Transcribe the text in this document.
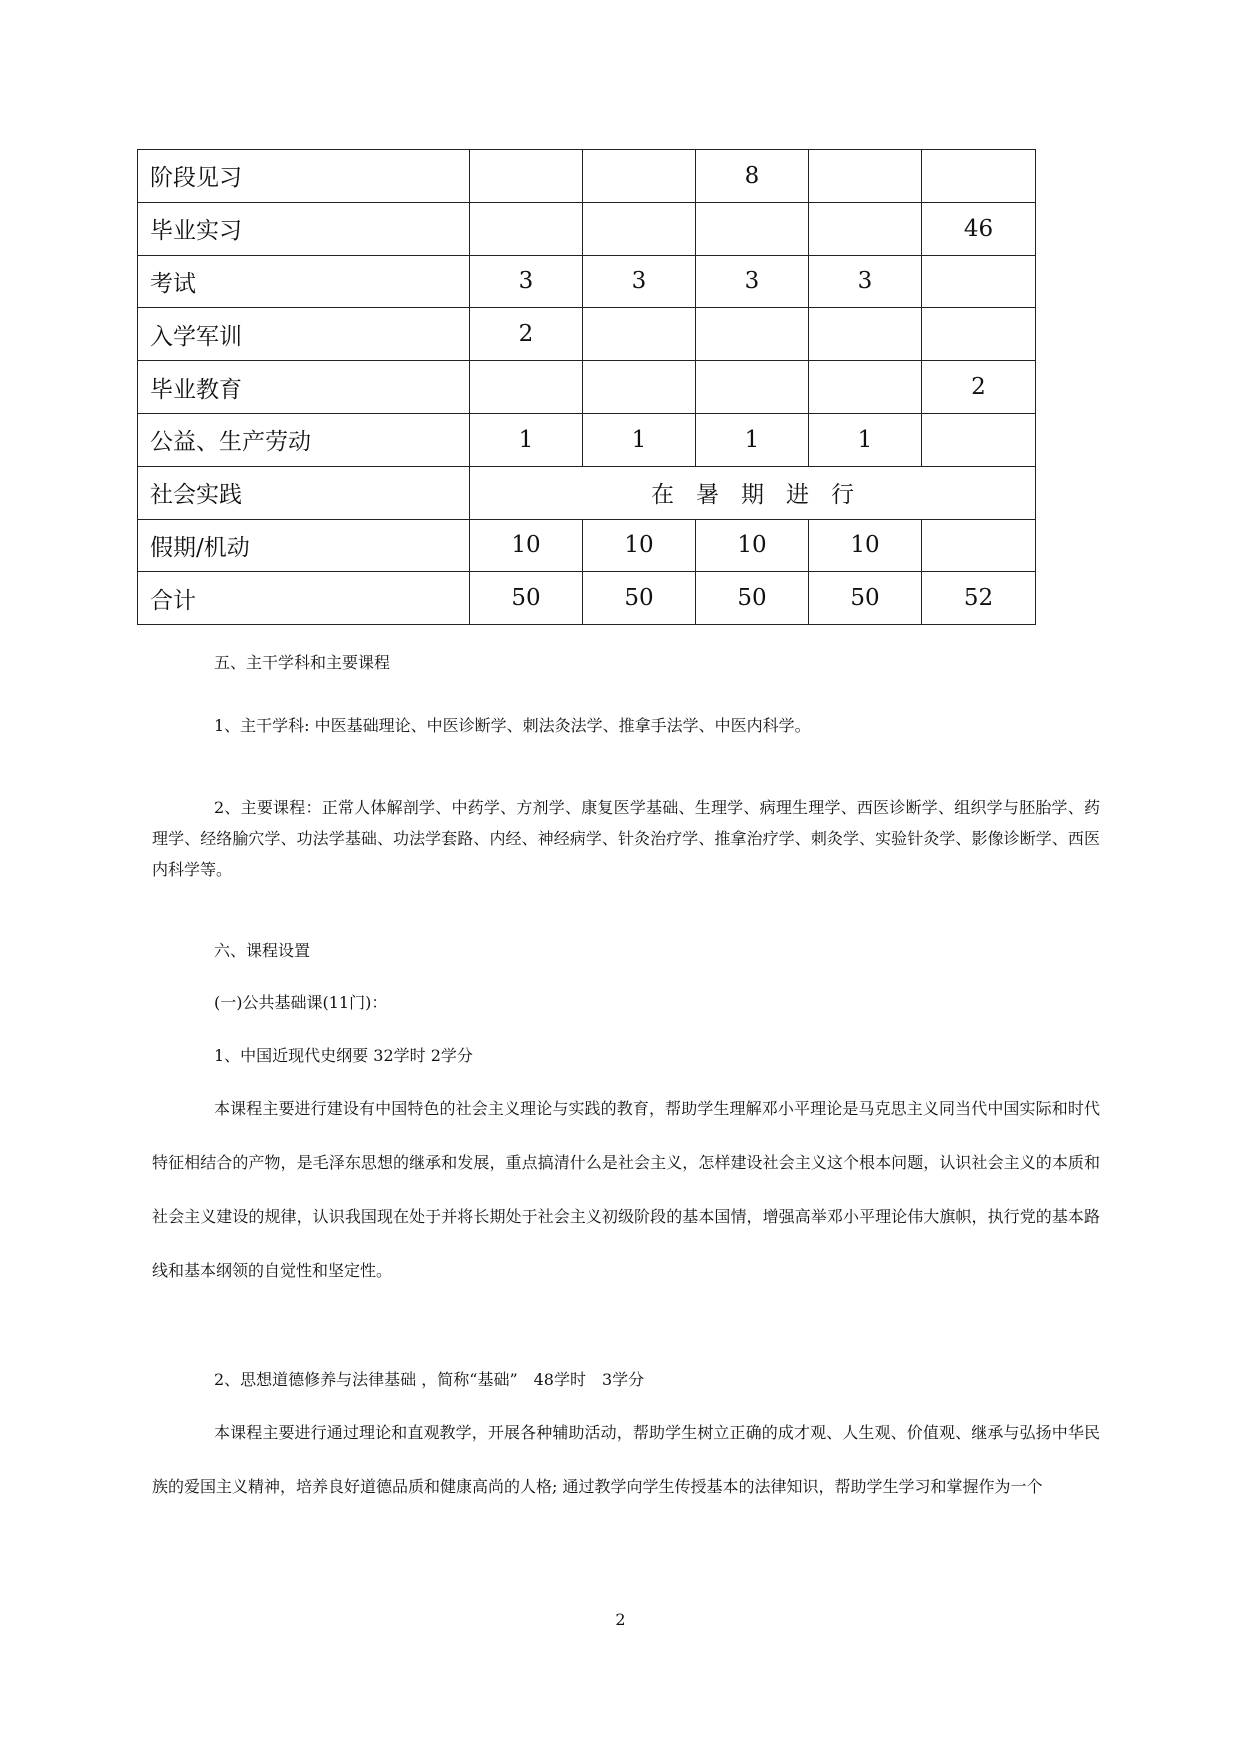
阶段见习			8		
毕业实习					46
考试	3	3	3	3	
入学军训	2				
毕业教育					2
公益、生产劳动	1	1	1	1	
社会实践	在暑期进行				
假期/机动	10	10	10	10	
合计	50	50	50	50	52
五、主干学科和主要课程
1、主干学科: 中医基础理论、中医诊断学、刺法灸法学、推拿手法学、中医内科学。
2、主要课程：正常人体解剖学、中药学、方剂学、康复医学基础、生理学、病理生理学、西医诊断学、组织学与胚胎学、药理学、经络腧穴学、功法学基础、功法学套路、内经、神经病学、针灸治疗学、推拿治疗学、刺灸学、实验针灸学、影像诊断学、西医内科学等。
六、课程设置
(一)公共基础课(11门)：
1、中国近现代史纲要 32学时 2学分
本课程主要进行建设有中国特色的社会主义理论与实践的教育，帮助学生理解邓小平理论是马克思主义同当代中国实际和时代特征相结合的产物，是毛泽东思想的继承和发展，重点搞清什么是社会主义，怎样建设社会主义这个根本问题，认识社会主义的本质和社会主义建设的规律，认识我国现在处于并将长期处于社会主义初级阶段的基本国情，增强高举邓小平理论伟大旗帜，执行党的基本路线和基本纲领的自觉性和坚定性。
2、思想道德修养与法律基础 ，简称“基础”　48学时　3学分
本课程主要进行通过理论和直观教学，开展各种辅助活动，帮助学生树立正确的成才观、人生观、价值观、继承与弘扬中华民族的爱国主义精神，培养良好道德品质和健康高尚的人格; 通过教学向学生传授基本的法律知识，帮助学生学习和掌握作为一个
2
